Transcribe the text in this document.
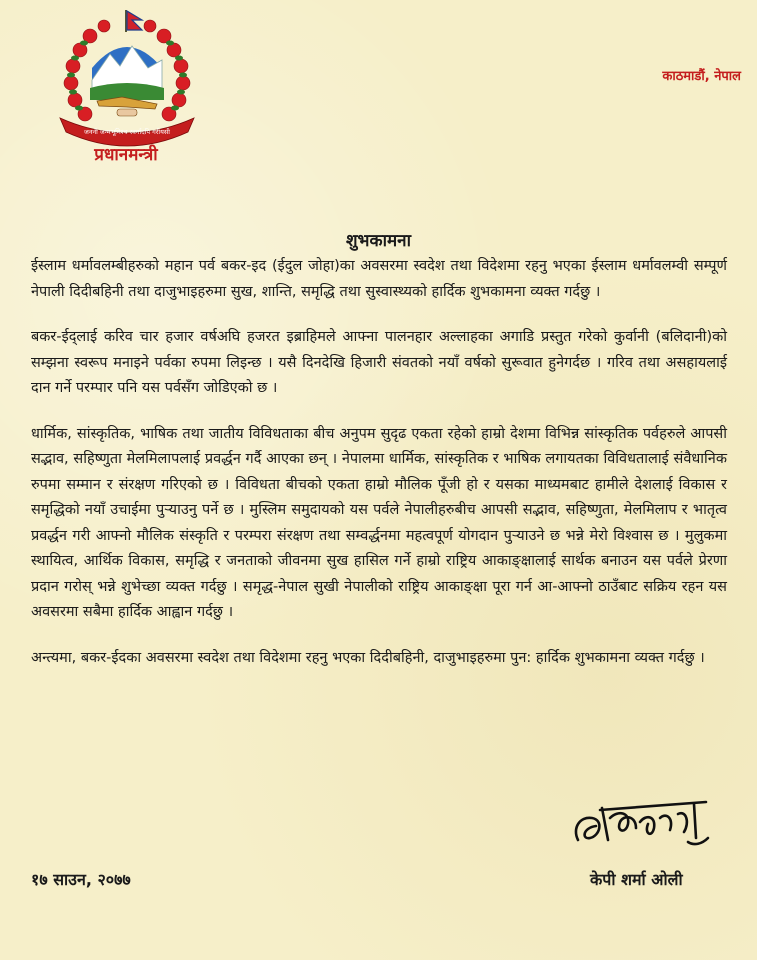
जननी जन्मभूमिश्च स्वर्गादपि गरीयसी
प्रधानमन्त्री
काठमाडौं, नेपाल
शुभकामना

ईस्लाम धर्मावलम्बीहरुको महान पर्व बकर-इद (ईदुल जोहा)का अवसरमा स्वदेश तथा विदेशमा रहनु भएका ईस्लाम धर्मावलम्वी सम्पूर्ण नेपाली दिदीबहिनी तथा दाजुभाइहरुमा सुख, शान्ति, समृद्धि तथा सुस्वास्थ्यको हार्दिक शुभकामना व्यक्त गर्दछु ।

बकर-ईद्लाई करिव चार हजार वर्षअघि हजरत इब्राहिमले आफ्ना पालनहार अल्लाहका अगाडि प्रस्तुत गरेको कुर्वानी (बलिदानी)को सम्झना स्वरूप मनाइने पर्वका रुपमा लिइन्छ । यसै दिनदेखि हिजारी संवतको नयाँ वर्षको सुरूवात हुनेगर्दछ । गरिव तथा असहायलाई दान गर्ने परम्पार पनि यस पर्वसँग जोडिएको छ ।

धार्मिक, सांस्कृतिक, भाषिक तथा जातीय विविधताका बीच अनुपम सुदृढ एकता रहेको हाम्रो देशमा विभिन्न सांस्कृतिक पर्वहरुले आपसी सद्भाव, सहिष्णुता मेलमिलापलाई प्रवर्द्धन गर्दै आएका छन् । नेपालमा धार्मिक, सांस्कृतिक र भाषिक लगायतका विविधतालाई संवैधानिक रुपमा सम्मान र संरक्षण गरिएको छ । विविधता बीचको एकता हाम्रो मौलिक पूँजी हो र यसका माध्यमबाट हामीले देशलाई विकास र समृद्धिको नयाँ उचाईमा पुऱ्याउनु पर्ने छ । मुस्लिम समुदायको यस पर्वले नेपालीहरुबीच आपसी सद्भाव, सहिष्णुता, मेलमिलाप र भातृत्व प्रवर्द्धन गरी आफ्नो मौलिक संस्कृति र परम्परा संरक्षण तथा सम्वर्द्धनमा महत्वपूर्ण योगदान पुऱ्याउने छ भन्ने मेरो विश्वास छ । मुलुकमा स्थायित्व, आर्थिक विकास, समृद्धि र जनताको जीवनमा सुख हासिल गर्ने हाम्रो राष्ट्रिय आकाङ्क्षालाई सार्थक बनाउन यस पर्वले प्रेरणा प्रदान गरोस् भन्ने शुभेच्छा व्यक्त गर्दछु । समृद्ध-नेपाल सुखी नेपालीको राष्ट्रिय आकाङ्क्षा पूरा गर्न आ-आफ्नो ठाउँबाट सक्रिय रहन यस अवसरमा सबैमा हार्दिक आह्वान गर्दछु ।

अन्त्यमा, बकर-ईदका अवसरमा स्वदेश तथा विदेशमा रहनु भएका दिदीबहिनी, दाजुभाइहरुमा पुन: हार्दिक शुभकामना व्यक्त गर्दछु ।

१७ साउन, २०७७	केपी शर्मा ओली
